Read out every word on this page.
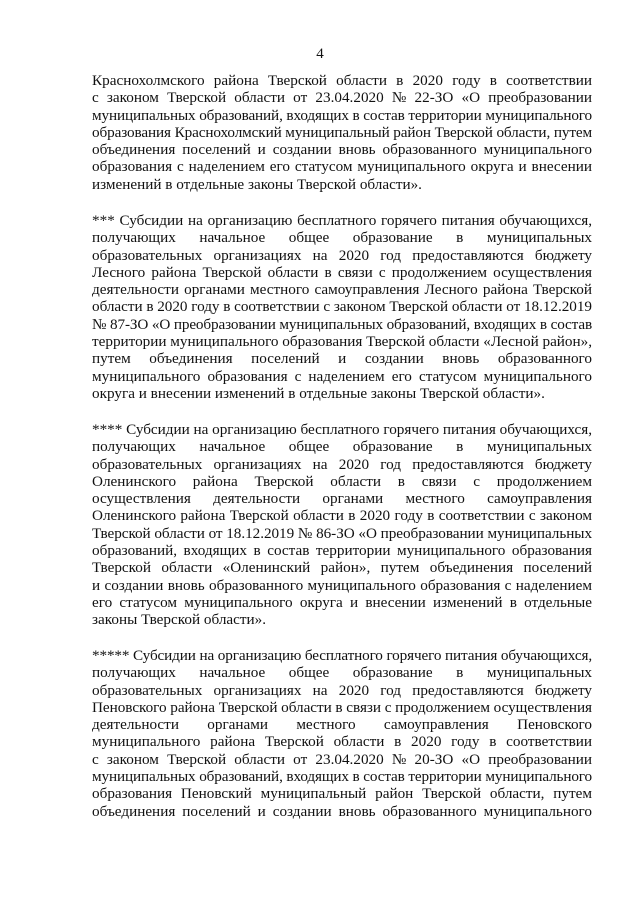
4
Краснохолмского района Тверской области в 2020 году в соответствии
с законом Тверской области от 23.04.2020 № 22-ЗО «О преобразовании
муниципальных образований, входящих в состав территории муниципального
образования Краснохолмский муниципальный район Тверской области, путем
объединения поселений и создании вновь образованного муниципального
образования с наделением его статусом муниципального округа и внесении
изменений в отдельные законы Тверской области».
*** Субсидии на организацию бесплатного горячего питания обучающихся,
получающих начальное общее образование в муниципальных
образовательных организациях на 2020 год предоставляются бюджету
Лесного района Тверской области в связи с продолжением осуществления
деятельности органами местного самоуправления Лесного района Тверской
области в 2020 году в соответствии с законом Тверской области от 18.12.2019
№ 87-ЗО «О преобразовании муниципальных образований, входящих в состав
территории муниципального образования Тверской области «Лесной район»,
путем объединения поселений и создании вновь образованного
муниципального образования с наделением его статусом муниципального
округа и внесении изменений в отдельные законы Тверской области».
**** Субсидии на организацию бесплатного горячего питания обучающихся,
получающих начальное общее образование в муниципальных
образовательных организациях на 2020 год предоставляются бюджету
Оленинского района Тверской области в связи с продолжением
осуществления деятельности органами местного самоуправления
Оленинского района Тверской области в 2020 году в соответствии с законом
Тверской области от 18.12.2019 № 86-ЗО «О преобразовании муниципальных
образований, входящих в состав территории муниципального образования
Тверской области «Оленинский район», путем объединения поселений
и создании вновь образованного муниципального образования с наделением
его статусом муниципального округа и внесении изменений в отдельные
законы Тверской области».
***** Субсидии на организацию бесплатного горячего питания обучающихся,
получающих начальное общее образование в муниципальных
образовательных организациях на 2020 год предоставляются бюджету
Пеновского района Тверской области в связи с продолжением осуществления
деятельности органами местного самоуправления Пеновского
муниципального района Тверской области в 2020 году в соответствии
с законом Тверской области от 23.04.2020 № 20-ЗО «О преобразовании
муниципальных образований, входящих в состав территории муниципального
образования Пеновский муниципальный район Тверской области, путем
объединения поселений и создании вновь образованного муниципального
